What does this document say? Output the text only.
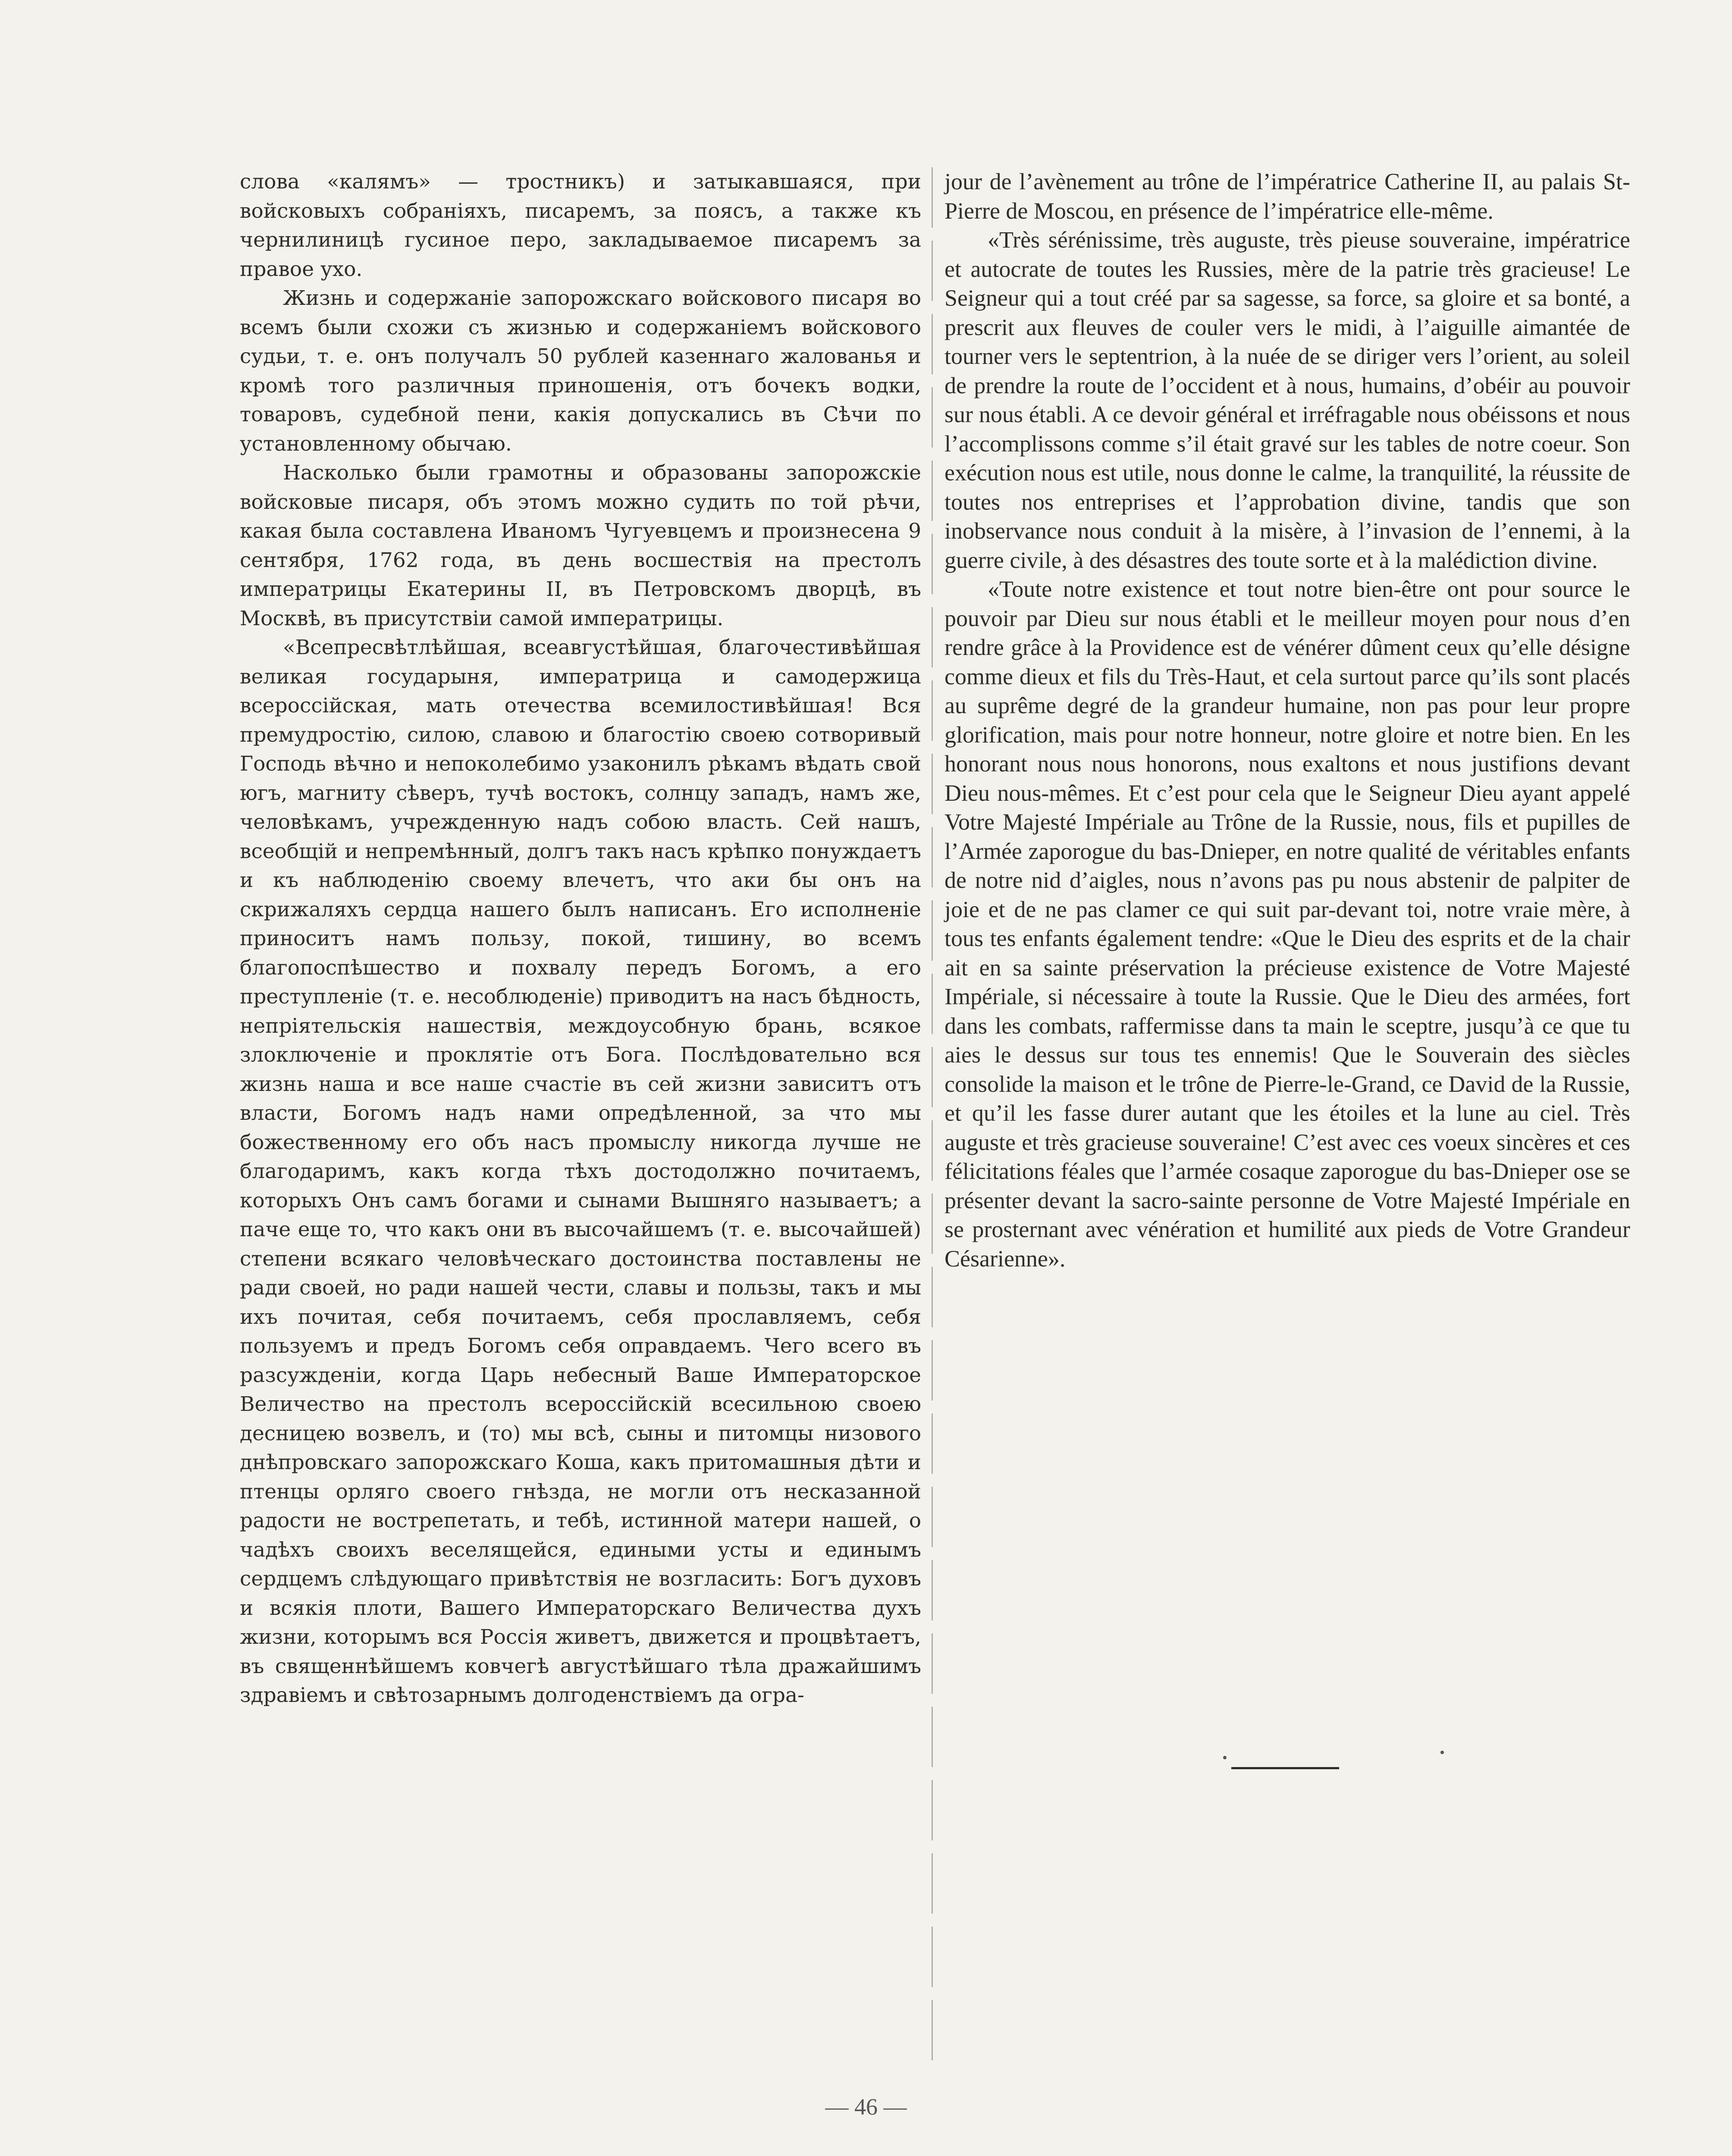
слова «калямъ» — тростникъ) и затыкавшаяся, при войсковыхъ собраніяхъ, писаремъ, за поясъ, а также къ чернилиницѣ гусиное перо, закладываемое писаремъ за правое ухо.

Жизнь и содержаніе запорожскаго войскового писаря во всемъ были схожи съ жизнью и содержаніемъ войскового судьи, т. е. онъ получалъ 50 рублей казеннаго жалованья и кромѣ того различныя приношенія, отъ бочекъ водки, товаровъ, судебной пени, какія допускались въ Сѣчи по установленному обычаю.

Насколько были грамотны и образованы запорожскіе войсковые писаря, объ этомъ можно судить по той рѣчи, какая была составлена Иваномъ Чугуевцемъ и произнесена 9 сентября, 1762 года, въ день восшествія на престолъ императрицы Екатерины II, въ Петровскомъ дворцѣ, въ Москвѣ, въ присутствіи самой императрицы.

«Всепресвѣтлѣйшая, всеавгустѣйшая, благочестивѣйшая великая государыня, императрица и самодержица всероссійская, мать отечества всемилостивѣйшая! Вся премудростію, силою, славою и благостію своею сотворивый Господь вѣчно и непоколебимо узаконилъ рѣкамъ вѣдать свой югъ, магниту сѣверъ, тучѣ востокъ, солнцу западъ, намъ же, человѣкамъ, учрежденную надъ собою власть. Сей нашъ, всеобщій и непремѣнный, долгъ такъ насъ крѣпко понуждаетъ и къ наблюденію своему влечетъ, что аки бы онъ на скрижаляхъ сердца нашего былъ написанъ. Его исполненіе приноситъ намъ пользу, покой, тишину, во всемъ благопоспѣшество и похвалу передъ Богомъ, а его преступленіе (т. е. несоблюденіе) приводитъ на насъ бѣдность, непріятельскія нашествія, междоусобную брань, всякое злоключеніе и проклятіе отъ Бога. Послѣдовательно вся жизнь наша и все наше счастіе въ сей жизни зависитъ отъ власти, Богомъ надъ нами опредѣленной, за что мы божественному его объ насъ промыслу никогда лучше не благодаримъ, какъ когда тѣхъ достодолжно почитаемъ, которыхъ Онъ самъ богами и сынами Вышняго называетъ; а паче еще то, что какъ они въ высочайшемъ (т. е. высочайшей) степени всякаго человѣческаго достоинства поставлены не ради своей, но ради нашей чести, славы и пользы, такъ и мы ихъ почитая, себя почитаемъ, себя прославляемъ, себя пользуемъ и предъ Богомъ себя оправдаемъ. Чего всего въ разсужденіи, когда Царь небесный Ваше Императорское Величество на престолъ всероссійскій всесильною своею десницею возвелъ, и (то) мы всѣ, сыны и питомцы низового днѣпровскаго запорожскаго Коша, какъ притомашныя дѣти и птенцы орляго своего гнѣзда, не могли отъ несказанной радости не вострепетать, и тебѣ, истинной матери нашей, о чадѣхъ своихъ веселящейся, едиными усты и единымъ сердцемъ слѣдующаго привѣтствія не возгласить: Богъ духовъ и всякія плоти, Вашего Императорскаго Величества духъ жизни, которымъ вся Россія живетъ, движется и процвѣтаетъ, въ священнѣйшемъ ковчегѣ августѣйшаго тѣла дражайшимъ здравіемъ и свѣтозарнымъ долгоденствіемъ да огра-

jour de l’avènement au trône de l’impératrice Catherine II, au palais St-Pierre de Moscou, en présence de l’impératrice elle-même.

«Très sérénissime, très auguste, très pieuse souveraine, impératrice et autocrate de toutes les Russies, mère de la patrie très gracieuse! Le Seigneur qui a tout créé par sa sagesse, sa force, sa gloire et sa bonté, a prescrit aux fleuves de couler vers le midi, à l’aiguille aimantée de tourner vers le septentrion, à la nuée de se diriger vers l’orient, au soleil de prendre la route de l’occident et à nous, humains, d’obéir au pouvoir sur nous établi. A ce devoir général et irréfragable nous obéissons et nous l’accomplissons comme s’il était gravé sur les tables de notre coeur. Son exécution nous est utile, nous donne le calme, la tranquilité, la réussite de toutes nos entreprises et l’approbation divine, tandis que son inobservance nous conduit à la misère, à l’invasion de l’ennemi, à la guerre civile, à des désastres des toute sorte et à la malédiction divine.

«Toute notre existence et tout notre bien-être ont pour source le pouvoir par Dieu sur nous établi et le meilleur moyen pour nous d’en rendre grâce à la Providence est de vénérer dûment ceux qu’elle désigne comme dieux et fils du Très-Haut, et cela surtout parce qu’ils sont placés au suprême degré de la grandeur humaine, non pas pour leur propre glorification, mais pour notre honneur, notre gloire et notre bien. En les honorant nous nous honorons, nous exaltons et nous justifions devant Dieu nous-mêmes. Et c’est pour cela que le Seigneur Dieu ayant appelé Votre Majesté Impériale au Trône de la Russie, nous, fils et pupilles de l’Armée zaporogue du bas-Dnieper, en notre qualité de véritables enfants de notre nid d’aigles, nous n’avons pas pu nous abstenir de palpiter de joie et de ne pas clamer ce qui suit par-devant toi, notre vraie mère, à tous tes enfants également tendre: «Que le Dieu des esprits et de la chair ait en sa sainte préservation la précieuse existence de Votre Majesté Impériale, si nécessaire à toute la Russie. Que le Dieu des armées, fort dans les combats, raffermisse dans ta main le sceptre, jusqu’à ce que tu aies le dessus sur tous tes ennemis! Que le Souverain des siècles consolide la maison et le trône de Pierre-le-Grand, ce David de la Russie, et qu’il les fasse durer autant que les étoiles et la lune au ciel. Très auguste et très gracieuse souveraine! C’est avec ces voeux sincères et ces félicitations féales que l’armée cosaque zaporogue du bas-Dnieper ose se présenter devant la sacro-sainte personne de Votre Majesté Impériale en se prosternant avec vénération et humilité aux pieds de Votre Grandeur Césarienne».

— 46 —
